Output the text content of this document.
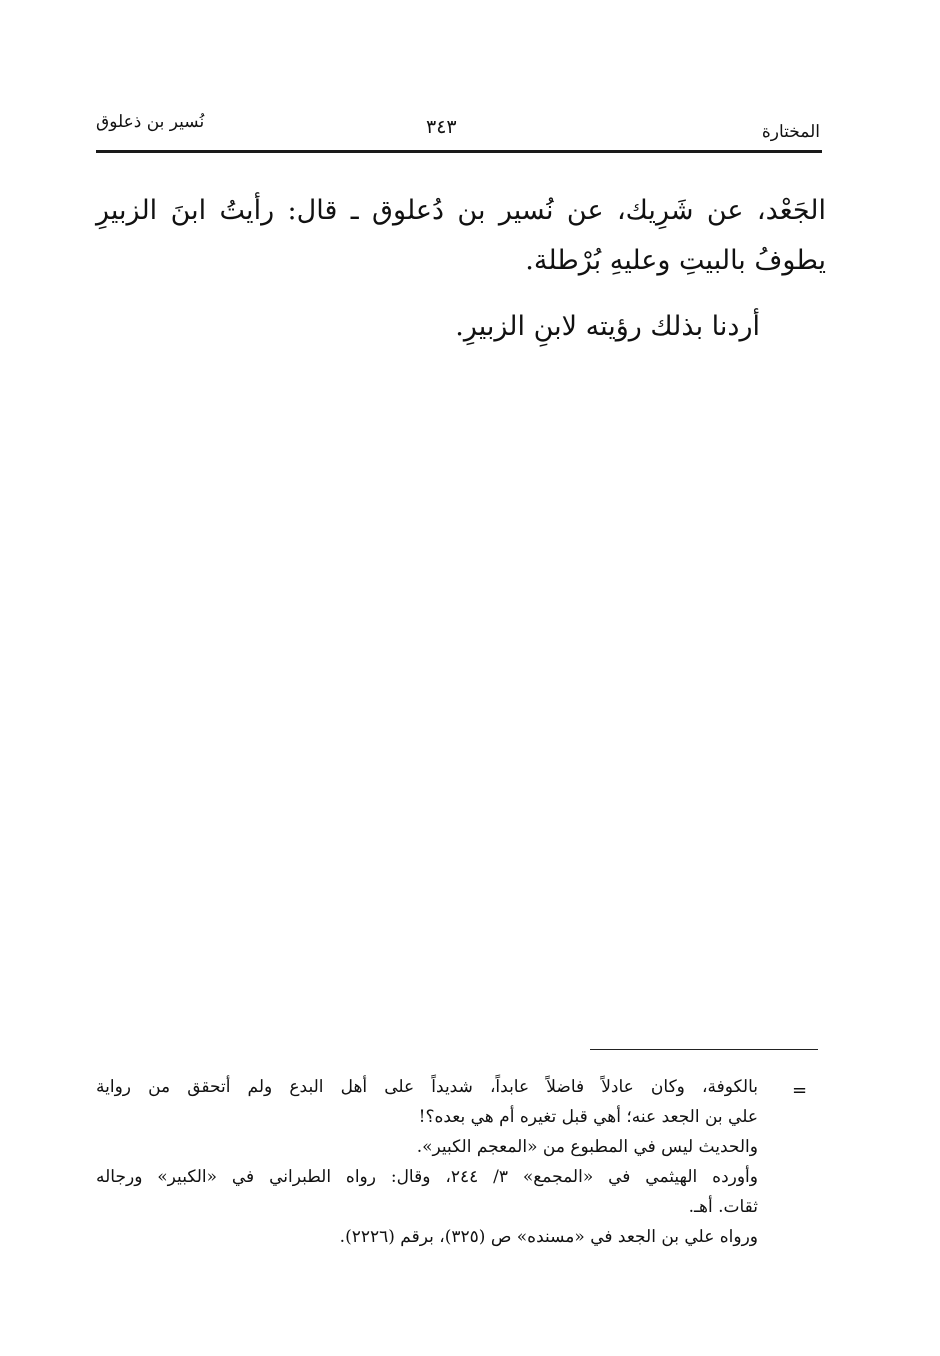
المختارة
٣٤٣
نُسير بن ذعلوق

الجَعْد، عن شَرِيك، عن نُسير بن دُعلوق ـ قال: رأيتُ ابنَ الزبيرِ

يطوفُ بالبيتِ وعليهِ بُرْطلة.

أردنا بذلك رؤيته لابنِ الزبيرِ.

=

بالكوفة، وكان عادلاً فاضلاً عابداً، شديداً على أهل البدع ولم أتحقق من رواية

علي بن الجعد عنه؛ أهي قبل تغيره أم هي بعده؟!

والحديث ليس في المطبوع من «المعجم الكبير».

وأورده الهيثمي في «المجمع» ٣/ ٢٤٤، وقال: رواه الطبراني في «الكبير» ورجاله

ثقات. أهـ.

ورواه علي بن الجعد في «مسنده» ص (٣٢٥)، برقم (٢٢٢٦).
